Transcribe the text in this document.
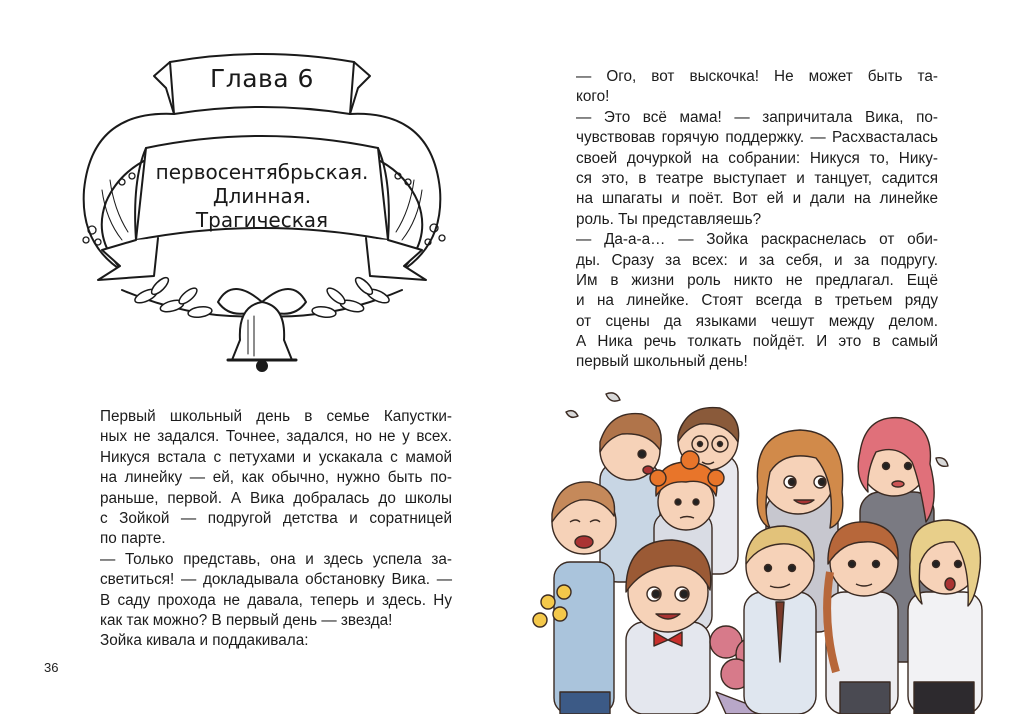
Глава 6
первосентябрьская.
Длинная.
Трагическая
Первый школьный день в семье Капустки-
ных не задался. Точнее, задался, но не у всех.
Никуся встала с петухами и ускакала с мамой
на линейку — ей, как обычно, нужно быть по-
раньше, первой. А Вика добралась до школы
с Зойкой — подругой детства и соратницей
по парте.
— Только представь, она и здесь успела за-
светиться! — докладывала обстановку Вика. —
В саду прохода не давала, теперь и здесь. Ну
как так можно? В первый день — звезда!
Зойка кивала и поддакивала:
36
— Ого, вот выскочка! Не может быть та-
кого!
— Это всё мама! — запричитала Вика, по-
чувствовав горячую поддержку. — Расхвасталась
своей дочуркой на собрании: Никуся то, Нику-
ся это, в театре выступает и танцует, садится
на шпагаты и поёт. Вот ей и дали на линейке
роль. Ты представляешь?
— Да-а-а… — Зойка раскраснелась от оби-
ды. Сразу за всех: и за себя, и за подругу.
Им в жизни роль никто не предлагал. Ещё
и на линейке. Стоят всегда в третьем ряду
от сцены да языками чешут между делом.
А Ника речь толкать пойдёт. И это в самый
первый школьный день!
